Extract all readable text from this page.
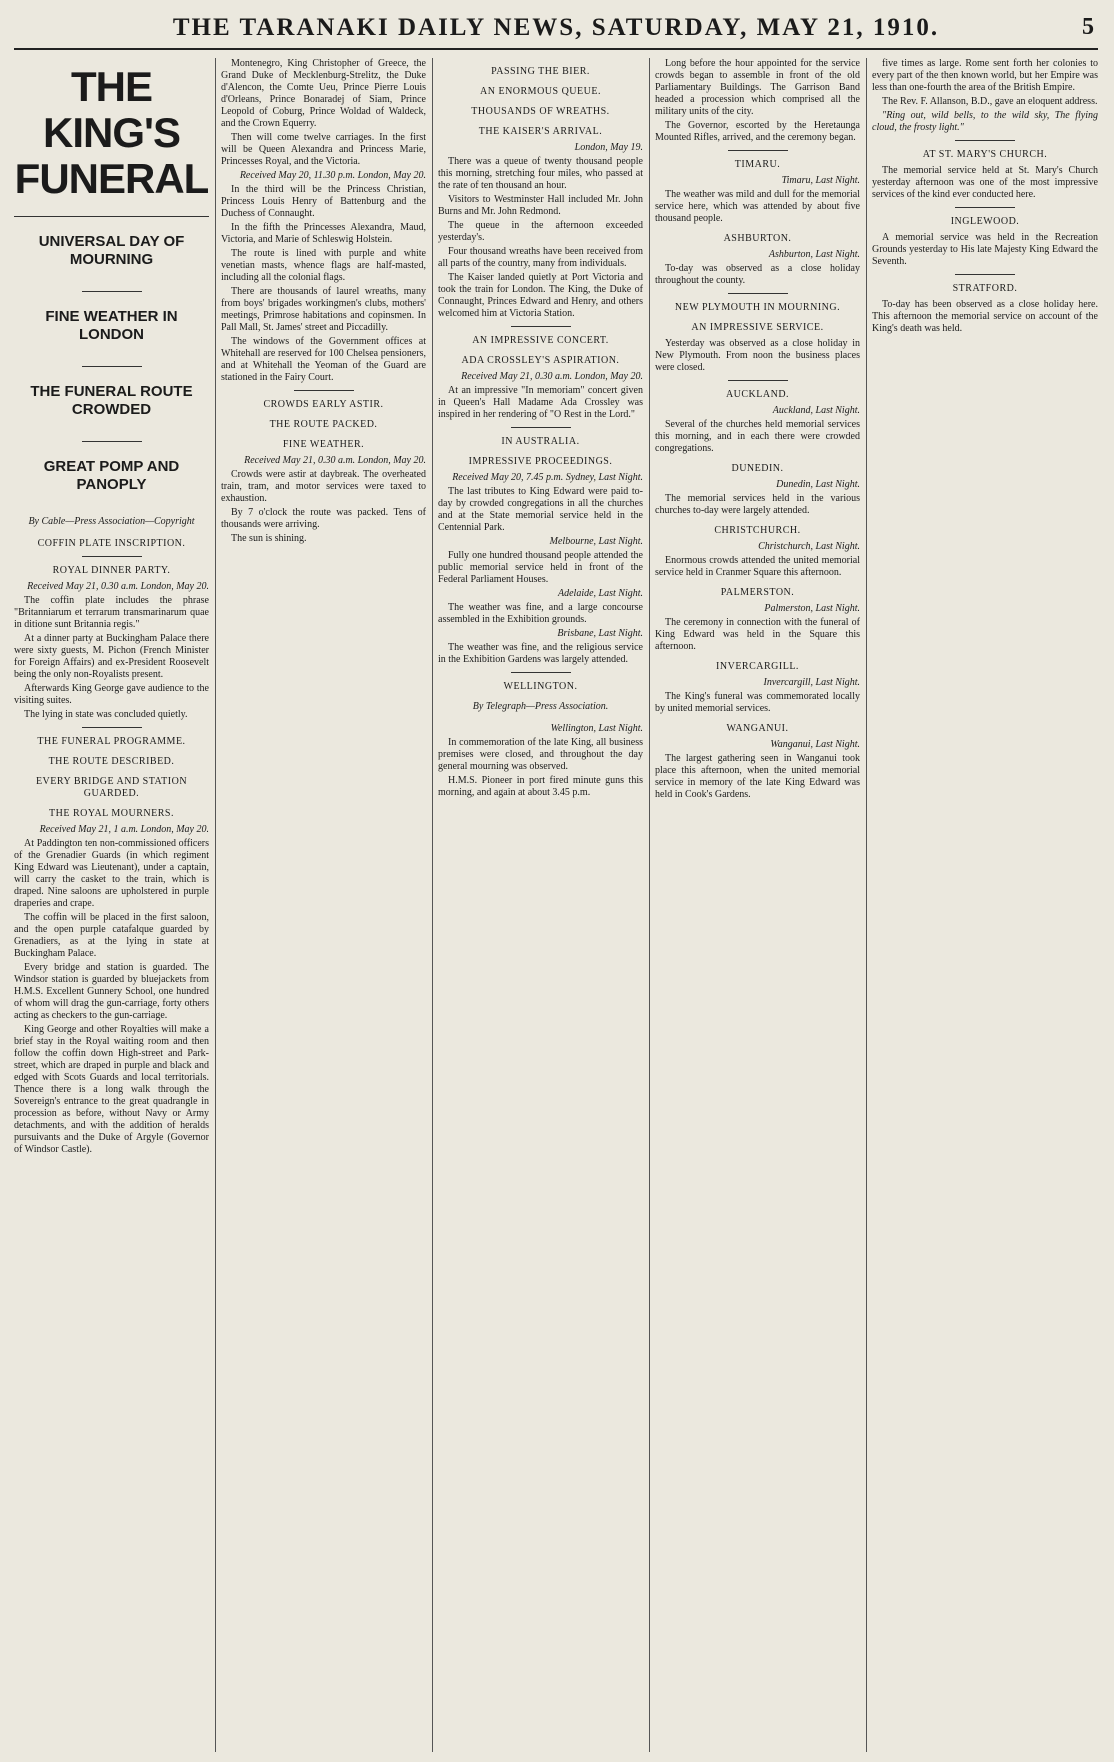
THE TARANAKI DAILY NEWS, SATURDAY, MAY 21, 1910.	5
THE KING'S FUNERAL
UNIVERSAL DAY OF MOURNING
FINE WEATHER IN LONDON
THE FUNERAL ROUTE CROWDED
GREAT POMP AND PANOPLY
By Cable—Press Association—Copyright
COFFIN PLATE INSCRIPTION.
ROYAL DINNER PARTY.
Received May 21, 0.30 a.m. London, May 20.

The coffin plate includes the phrase "Britanniarum et terrarum transmarinarum quae in ditione sunt Britannia regis."

At a dinner party at Buckingham Palace there were sixty guests, M. Pichon (French Minister for Foreign Affairs) and ex-President Roosevelt being the only non-Royalists present.

Afterwards King George gave audience to the visiting suites.

The lying in state was concluded quietly.

THE FUNERAL PROGRAMME.
THE ROUTE DESCRIBED.
EVERY BRIDGE AND STATION GUARDED.
THE ROYAL MOURNERS.
Received May 21, 1 a.m. London, May 20.

At Paddington ten non-commissioned officers of the Grenadier Guards (in which regiment King Edward was Lieutenant), under a captain, will carry the casket to the train, which is draped. Nine saloons are upholstered in purple draperies and crape.

The coffin will be placed in the first saloon, and the open purple catafalque guarded by Grenadiers, as at the lying in state at Buckingham Palace.

Every bridge and station is guarded. The Windsor station is guarded by bluejackets from H.M.S. Excellent Gunnery School, one hundred of whom will drag the gun-carriage, forty others acting as checkers to the gun-carriage.

King George and other Royalties will make a brief stay in the Royal waiting room and then follow the coffin down High-street and Park-street, which are draped in purple and black and edged with Scots Guards and local territorials. Thence there is a long walk through the Sovereign's entrance to the great quadrangle in procession as before, without Navy or Army detachments, and with the addition of heralds pursuivants and the Duke of Argyle (Governor of Windsor Castle).

Montenegro, King Christopher of Greece, the Grand Duke of Mecklenburg-Strelitz, the Duke d'Alencon, the Comte Ueu, Prince Pierre Louis d'Orleans, Prince Bonaradej of Siam, Prince Leopold of Coburg, Prince Woldad of Waldeck, and the Crown Equerry.

Then will come twelve carriages. In the first will be Queen Alexandra and Princess Marie, Princesses Royal, and the Victoria.

Received May 20, 11.30 p.m. London, May 20.

In the third will be the Princess Christian, Princess Louis Henry of Battenburg and the Duchess of Connaught.

In the fifth the Princesses Alexandra, Maud, Victoria, and Marie of Schleswig Holstein.

The route is lined with purple and white venetian masts, whence flags are half-masted, including all the colonial flags.

There are thousands of laurel wreaths, many from boys' brigades workingmen's clubs, mothers' meetings, Primrose habitations and copinsmen. In Pall Mall, St. James' street and Piccadilly.

The windows of the Government offices at Whitehall are reserved for 100 Chelsea pensioners, and at Whitehall the Yeoman of the Guard are stationed in the Fairy Court.

CROWDS EARLY ASTIR.
THE ROUTE PACKED.
FINE WEATHER.
Received May 21, 0.30 a.m. London, May 20.

Crowds were astir at daybreak. The overheated train, tram, and motor services were taxed to exhaustion.

By 7 o'clock the route was packed. Tens of thousands were arriving.

The sun is shining.

PASSING THE BIER.
AN ENORMOUS QUEUE.
THOUSANDS OF WREATHS.
THE KAISER'S ARRIVAL.
London, May 19.

There was a queue of twenty thousand people this morning, stretching four miles, who passed at the rate of ten thousand an hour.

Visitors to Westminster Hall included Mr. John Burns and Mr. John Redmond.

The queue in the afternoon exceeded yesterday's.

Four thousand wreaths have been received from all parts of the country, many from individuals.

The Kaiser landed quietly at Port Victoria and took the train for London. The King, the Duke of Connaught, Princes Edward and Henry, and others welcomed him at Victoria Station.

AN IMPRESSIVE CONCERT.
ADA CROSSLEY'S ASPIRATION.
Received May 21, 0.30 a.m. London, May 20.

At an impressive "In memoriam" concert given in Queen's Hall Madame Ada Crossley was inspired in her rendering of "O Rest in the Lord."

IN AUSTRALIA.
IMPRESSIVE PROCEEDINGS.
Received May 20, 7.45 p.m. Sydney, Last Night.

The last tributes to King Edward were paid to-day by crowded congregations in all the churches and at the State memorial service held in the Centennial Park.

Melbourne, Last Night.

Fully one hundred thousand people attended the public memorial service held in front of the Federal Parliament Houses.

Adelaide, Last Night.

The weather was fine, and a large concourse assembled in the Exhibition grounds.

Brisbane, Last Night.

The weather was fine, and the religious service in the Exhibition Gardens was largely attended.

WELLINGTON.
By Telegraph—Press Association.
Wellington, Last Night.

In commemoration of the late King, all business premises were closed, and throughout the day general mourning was observed.

H.M.S. Pioneer in port fired minute guns this morning, and again at about 3.45 p.m.

Long before the hour appointed for the service crowds began to assemble in front of the old Parliamentary Buildings. The Garrison Band headed a procession which comprised all the military units of the city.

The Governor, escorted by the Heretaunga Mounted Rifles, arrived, and the ceremony began.

TIMARU.
Timaru, Last Night.

The weather was mild and dull for the memorial service here, which was attended by about five thousand people.

ASHBURTON.
Ashburton, Last Night.

To-day was observed as a close holiday throughout the county.

NEW PLYMOUTH IN MOURNING.
AN IMPRESSIVE SERVICE.

Yesterday was observed as a close holiday in New Plymouth. From noon the business places were closed.

AUCKLAND.
Auckland, Last Night.

Several of the churches held memorial services this morning, and in each there were crowded congregations.

DUNEDIN.
Dunedin, Last Night.

The memorial services held in the various churches to-day were largely attended.

CHRISTCHURCH.
Christchurch, Last Night.

Enormous crowds attended the united memorial service held in Cranmer Square this afternoon.

PALMERSTON.
Palmerston, Last Night.

The ceremony in connection with the funeral of King Edward was held in the Square this afternoon.

INVERCARGILL.
Invercargill, Last Night.

The King's funeral was commemorated locally by united memorial services.

WANGANUI.
Wanganui, Last Night.

The largest gathering seen in Wanganui took place this afternoon, when the united memorial service in memory of the late King Edward was held in Cook's Gardens.

five times as large. Rome sent forth her colonies to every part of the then known world, but her Empire was less than one-fourth the area of the British Empire.

The Rev. F. Allanson, B.D., gave an eloquent address.

"Ring out, wild bells, to the wild sky, The flying cloud, the frosty light."

AT ST. MARY'S CHURCH.

The memorial service held at St. Mary's Church yesterday afternoon was one of the most impressive services of the kind ever conducted here.

INGLEWOOD.

A memorial service was held in the Recreation Grounds yesterday to His late Majesty King Edward the Seventh.

STRATFORD.

To-day has been observed as a close holiday here. This afternoon the memorial service on account of the King's death was held.
